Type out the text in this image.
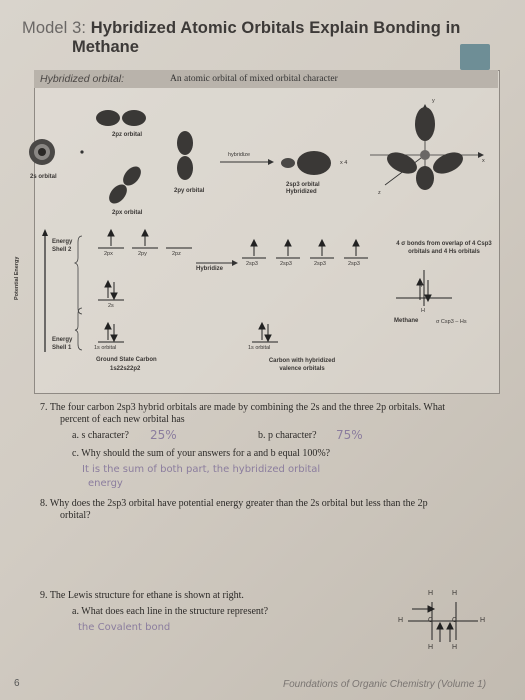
Model 3: Hybridized Atomic Orbitals Explain Bonding in
Methane
Hybridized orbital:	An atomic orbital of mixed orbital character
2pz orbital
2s orbital
2py orbital
2px orbital
hybridize
x 4
2sp3 orbital
Hybridized
y
x
z
Potential Energy
Energy Shell 2
Energy Shell 1
2px	2py	2pz
2s
1s orbital	1s orbital
Hybridize
2sp3	2sp3	2sp3	2sp3
Ground State Carbon
1s22s22p2
Carbon with hybridized valence orbitals
4 σ bonds from overlap of 4 Csp3 orbitals and 4 Hs orbitals
H
H
Methane	σ Csp3 – Hs
7. The four carbon 2sp3 hybrid orbitals are made by combining the 2s and the three 2p orbitals. What
percent of each new orbital has
a. s character? 25%	b. p character? 75%
c. Why should the sum of your answers for a and b equal 100%?
It is the sum of both part, the hybridized orbital
energy
8. Why does the 2sp3 orbital have potential energy greater than the 2s orbital but less than the 2p
orbital?
9. The Lewis structure for ethane is shown at right.
a. What does each line in the structure represent?
the Covalent bond
H	H
H	C	C	H
H	H
6	Foundations of Organic Chemistry (Volume 1)
